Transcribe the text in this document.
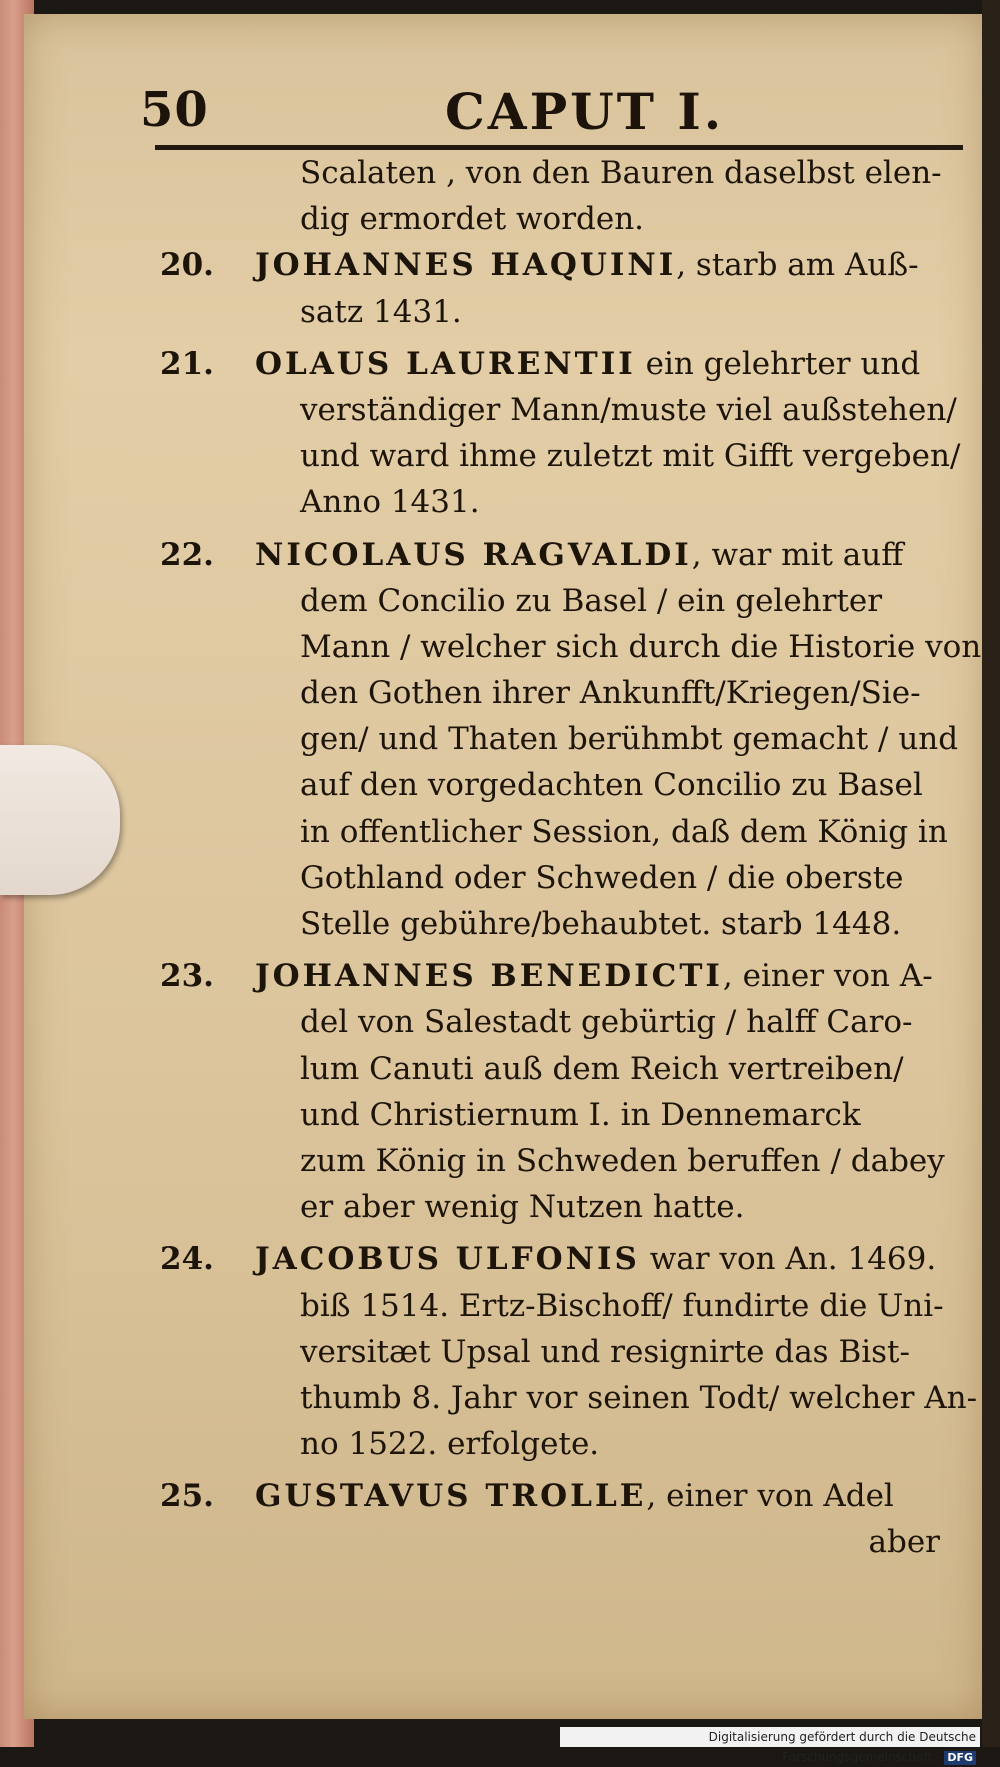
50	CAPUT I.
Scalaten , von den Bauren daselbst elen-
dig ermordet worden.
20. JOHANNES HAQUINI, starb am Auß-
satz 1431.
21. OLAUS LAURENTII ein gelehrter und
verständiger Mann/muste viel außstehen/
und ward ihme zuletzt mit Gifft vergeben/
Anno 1431.
22. NICOLAUS RAGVALDI, war mit auff
dem Concilio zu Basel / ein gelehrter
Mann / welcher sich durch die Historie von
den Gothen ihrer Ankunfft/Kriegen/Sie-
gen/ und Thaten berühmbt gemacht / und
auf den vorgedachten Concilio zu Basel
in offentlicher Session, daß dem König in
Gothland oder Schweden / die oberste
Stelle gebühre/behaubtet. starb 1448.
23. JOHANNES BENEDICTI, einer von A-
del von Salestadt gebürtig / halff Caro-
lum Canuti auß dem Reich vertreiben/
und Christiernum I. in Dennemarck
zum König in Schweden beruffen / dabey
er aber wenig Nutzen hatte.
24. JACOBUS ULFONIS war von An. 1469.
biß 1514. Ertz-Bischoff/ fundirte die Uni-
versitæt Upsal und resignirte das Bist-
thumb 8. Jahr vor seinen Todt/ welcher An-
no 1522. erfolgete.
25. GUSTAVUS TROLLE, einer von Adel
aber
Digitalisierung gefördert durch die Deutsche Forschungsgemeinschaft - DFG
